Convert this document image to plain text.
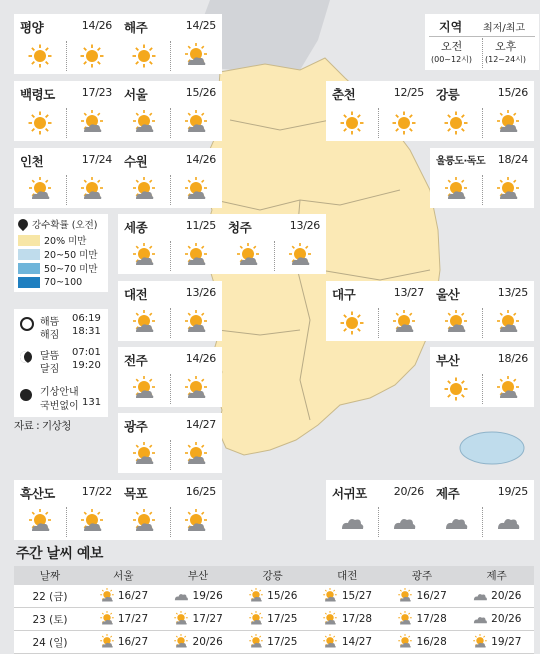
지역 최저/최고
오전
(00~12시)
오후
(12~24시)
평양	14/26 해주	14/25
백령도 17/23 서울	15/26	춘천	12/25 강릉	15/26
인천	17/24 수원	14/26	울릉도·독도 18/24
세종	11/25 청주	13/26
대전	13/26	대구	13/27 울산	13/25
전주	14/26	부산	18/26
광주	14/27
흑산도 17/22 목포	16/25	서귀포 20/26 제주	19/25
강수확률 (오전)
20% 미만
20~50 미만
50~70 미만
70~100
해뜸 06:19
해짐 18:31
달뜸 07:01
달짐 19:20
기상안내
국번없이 131
자료 : 기상청
주간 날씨 예보
날짜	서울	부산	강릉	대전	광주	제주
22 (금)	16/27	19/26	15/26	15/27	16/27	20/26
23 (토)	17/27	17/27	17/25	17/28	17/28	20/26
24 (일)	16/27	20/26	17/25	14/27	16/28	19/27
